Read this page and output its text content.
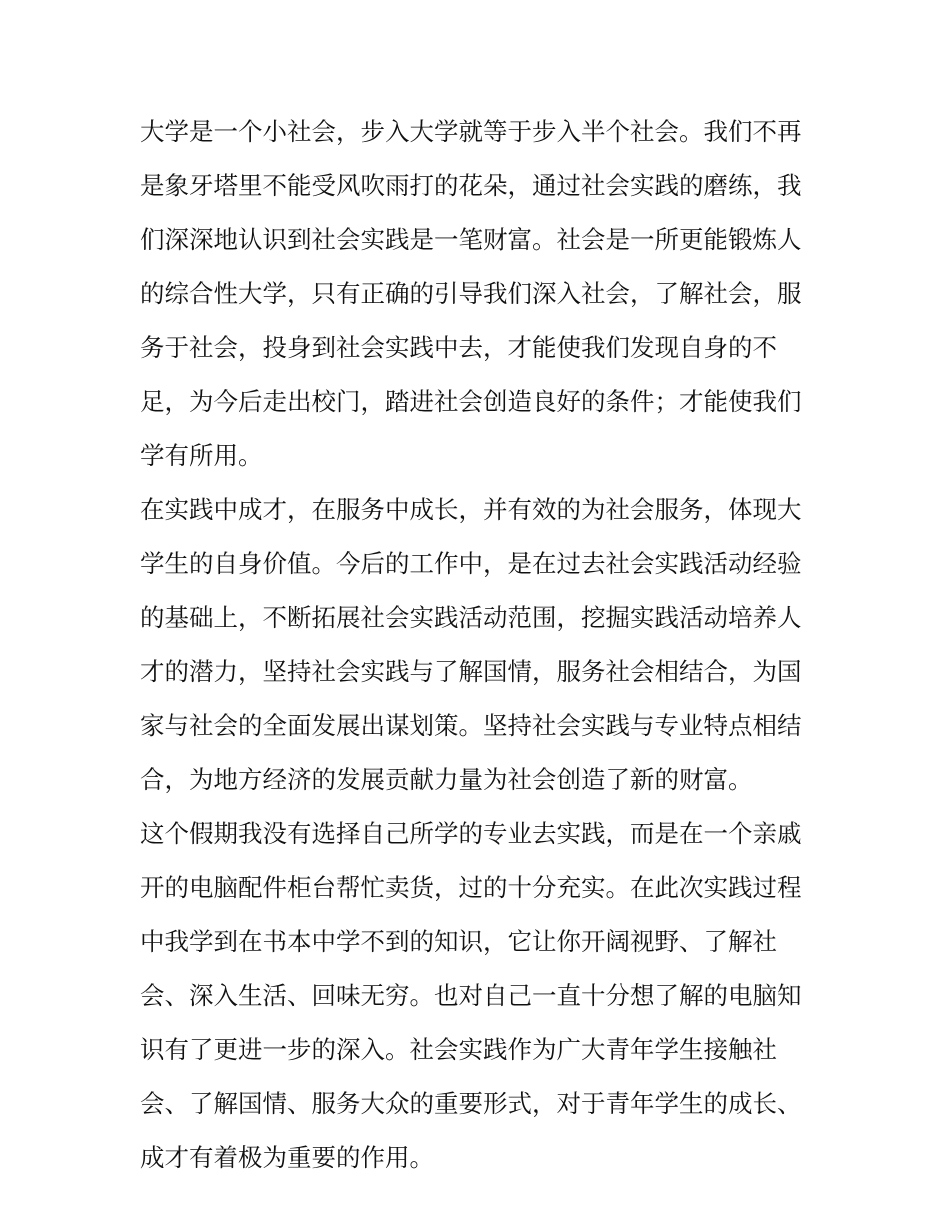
大学是一个小社会，步入大学就等于步入半个社会。我们不再
是象牙塔里不能受风吹雨打的花朵，通过社会实践的磨练，我
们深深地认识到社会实践是一笔财富。社会是一所更能锻炼人
的综合性大学，只有正确的引导我们深入社会，了解社会，服
务于社会，投身到社会实践中去，才能使我们发现自身的不
足，为今后走出校门，踏进社会创造良好的条件；才能使我们
学有所用。

在实践中成才，在服务中成长，并有效的为社会服务，体现大
学生的自身价值。今后的工作中，是在过去社会实践活动经验
的基础上，不断拓展社会实践活动范围，挖掘实践活动培养人
才的潜力，坚持社会实践与了解国情，服务社会相结合，为国
家与社会的全面发展出谋划策。坚持社会实践与专业特点相结
合，为地方经济的发展贡献力量为社会创造了新的财富。

这个假期我没有选择自己所学的专业去实践，而是在一个亲戚
开的电脑配件柜台帮忙卖货，过的十分充实。在此次实践过程
中我学到在书本中学不到的知识，它让你开阔视野、了解社
会、深入生活、回味无穷。也对自己一直十分想了解的电脑知
识有了更进一步的深入。社会实践作为广大青年学生接触社
会、了解国情、服务大众的重要形式，对于青年学生的成长、
成才有着极为重要的作用。
